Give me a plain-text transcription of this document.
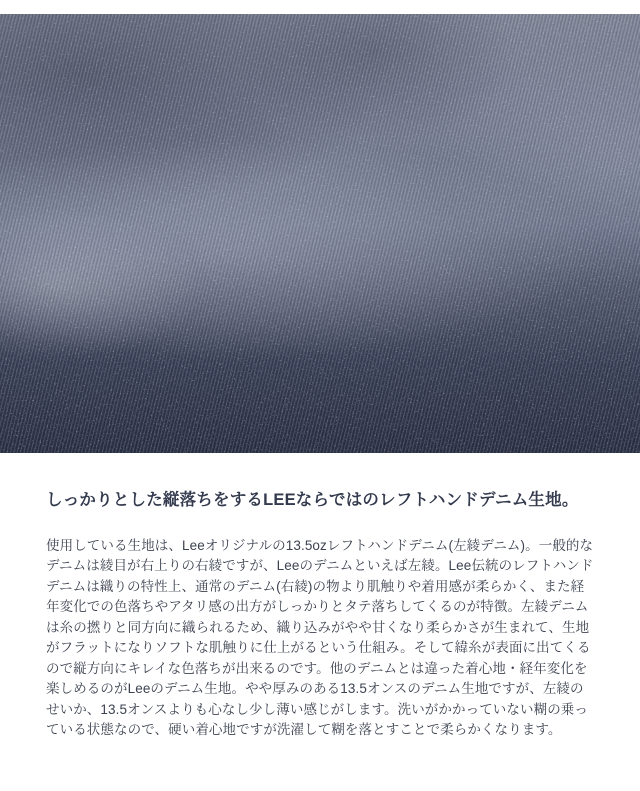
しっかりとした縦落ちをするLEEならではのレフトハンドデニム生地。

使用している生地は、Leeオリジナルの13.5ozレフトハンドデニム(左綾デニム)。一般的なデニムは綾目が右上りの右綾ですが、Leeのデニムといえば左綾。Lee伝統のレフトハンドデニムは織りの特性上、通常のデニム(右綾)の物より肌触りや着用感が柔らかく、また経年変化での色落ちやアタリ感の出方がしっかりとタテ落ちしてくるのが特徴。左綾デニムは糸の撚りと同方向に織られるため、織り込みがやや甘くなり柔らかさが生まれて、生地がフラットになりソフトな肌触りに仕上がるという仕組み。そして緯糸が表面に出てくるので縦方向にキレイな色落ちが出来るのです。他のデニムとは違った着心地・経年変化を楽しめるのがLeeのデニム生地。やや厚みのある13.5オンスのデニム生地ですが、左綾のせいか、13.5オンスよりも心なし少し薄い感じがします。洗いがかかっていない糊の乗っている状態なので、硬い着心地ですが洗濯して糊を落とすことで柔らかくなります。
